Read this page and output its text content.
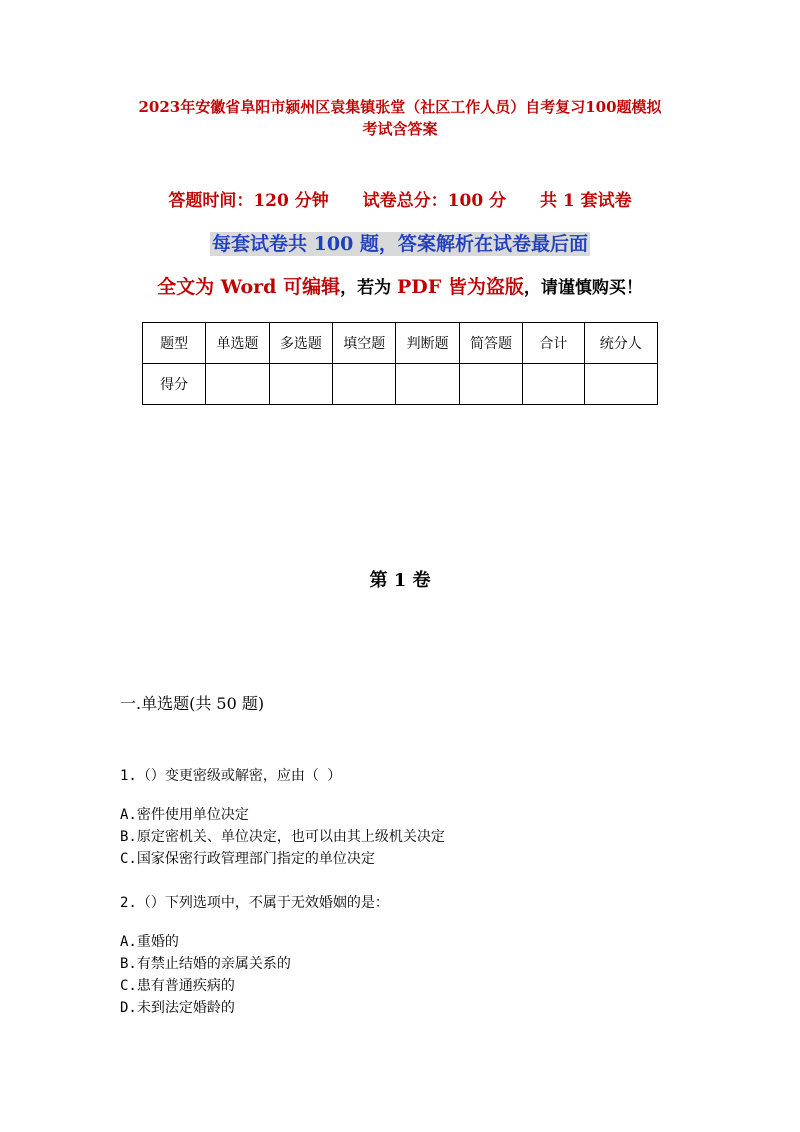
2023年安徽省阜阳市颍州区袁集镇张堂（社区工作人员）自考复习100题模拟
考试含答案
答题时间：120 分钟 试卷总分：100 分 共 1 套试卷
每套试卷共 100 题，答案解析在试卷最后面
全文为 Word 可编辑，若为 PDF 皆为盗版，请谨慎购买！
题型	单选题	多选题	填空题	判断题	简答题	合计	统分人
得分							
第 1 卷
一.单选题(共 50 题)
1.（）变更密级或解密，应由（ ）
A.密件使用单位决定
B.原定密机关、单位决定，也可以由其上级机关决定
C.国家保密行政管理部门指定的单位决定
2.（）下列选项中，不属于无效婚姻的是：
A.重婚的
B.有禁止结婚的亲属关系的
C.患有普通疾病的
D.未到法定婚龄的
